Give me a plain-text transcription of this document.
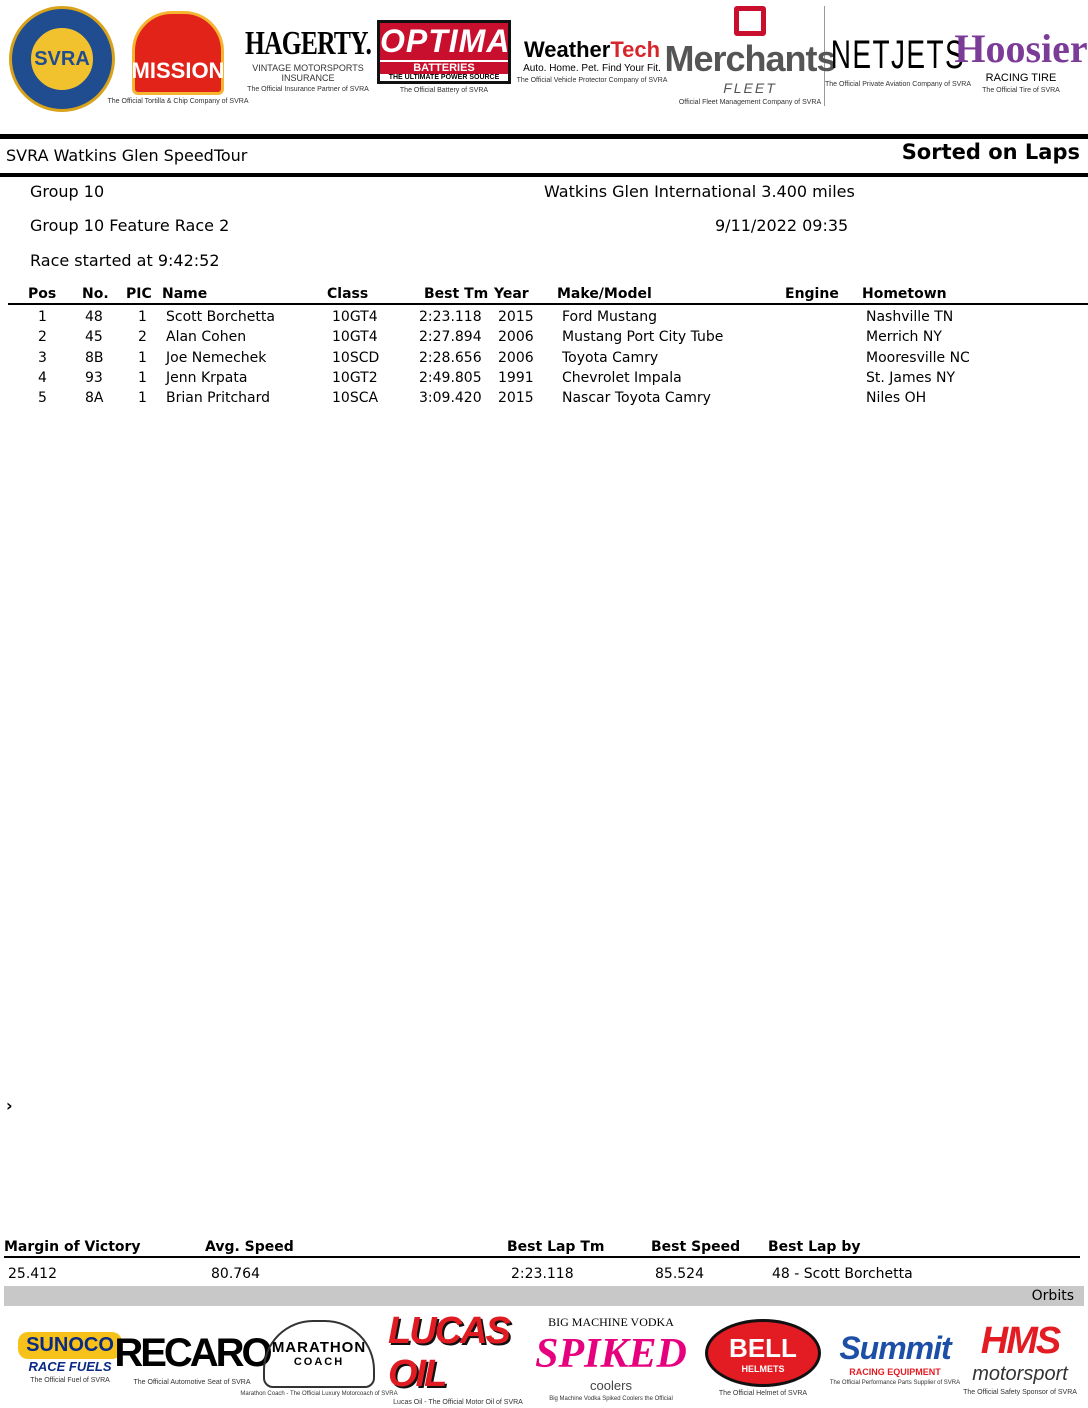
SVRA MISSION
The Official Tortilla & Chip Company of SVRA
HAGERTY.
VINTAGE MOTORSPORTS INSURANCE
The Official Insurance Partner of SVRA
OPTIMA
BATTERIES
THE ULTIMATE POWER SOURCE
The Official Battery of SVRA
WeatherTech
Auto. Home. Pet. Find Your Fit.
The Official Vehicle Protector Company of SVRA
Merchants
FLEET
Official Fleet Management Company of SVRA
NETJETS
The Official Private Aviation Company of SVRA
Hoosier
RACING TIRE
The Official Tire of SVRA
SVRA Watkins Glen SpeedTour	Sorted on Laps
Group 10	Watkins Glen International 3.400 miles
Group 10 Feature Race 2	9/11/2022 09:35
Race started at 9:42:52
Pos No. PIC Name	Class	Best Tm Year Make/Model	Engine Hometown
1	48	1 Scott Borchetta	10GT4	2:23.118 2015 Ford Mustang	Nashville TN
2	45	2 Alan Cohen	10GT4	2:27.894 2006 Mustang Port City Tube	Merrich NY
3	8B 1 Joe Nemechek	10SCD	2:28.656 2006 Toyota Camry	Mooresville NC
4	93	1 Jenn Krpata	10GT2	2:49.805 1991 Chevrolet Impala	St. James NY
5	8A 1 Brian Pritchard	10SCA	3:09.420 2015 Nascar Toyota Camry	Niles OH
›
Margin of Victory	Avg. Speed	Best Lap Tm	Best Speed Best Lap by
25.412	80.764	2:23.118	85.524	48 - Scott Borchetta
Orbits
SUNOCO
RACE FUELS
The Official Fuel of SVRA
RECARO
The Official Automotive Seat of SVRA
MARATHON
COACH
Marathon Coach - The Official Luxury Motorcoach of SVRA
LUCAS OIL
Lucas Oil - The Official Motor Oil of SVRA
BIG MACHINE VODKA
SPIKED
coolers
Big Machine Vodka Spiked Coolers the Official
BELL
HELMETS
The Official Helmet of SVRA
Summit
RACING EQUIPMENT
The Official Performance Parts Supplier of SVRA
HMS
motorsport
The Official Safety Sponsor of SVRA
